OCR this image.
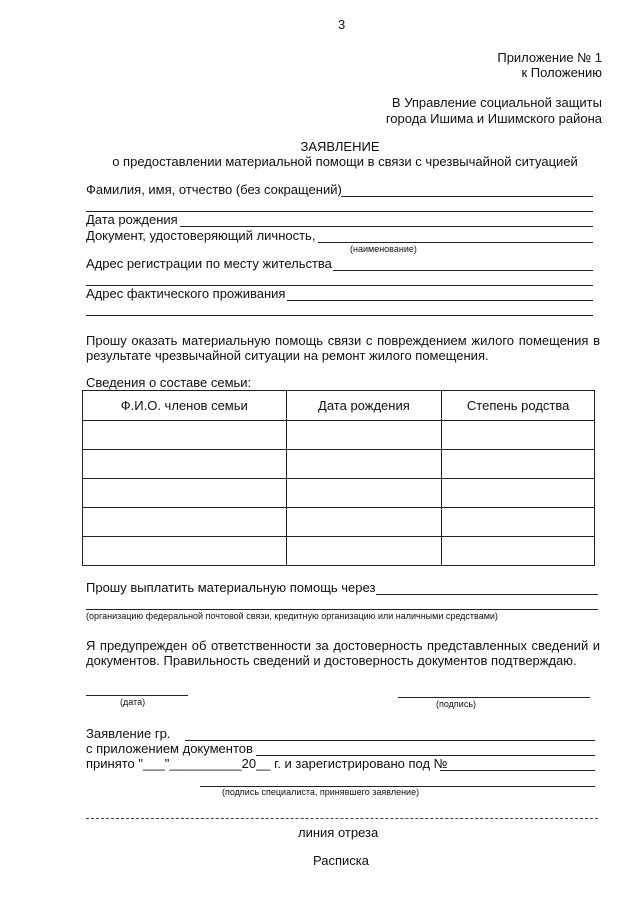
3
Приложение № 1
к Положению
В Управление социальной защиты
города Ишима и Ишимского района
ЗАЯВЛЕНИЕ
о предоставлении материальной помощи в связи с чрезвычайной ситуацией
Фамилия, имя, отчество (без сокращений)
Дата рождения
Документ, удостоверяющий личность,
(наименование)
Адрес регистрации по месту жительства
Адрес фактического проживания
Прошу оказать материальную помощь связи с повреждением жилого помещения в результате чрезвычайной ситуации на ремонт жилого помещения.
Сведения о составе семьи:
Ф.И.О. членов семьи	Дата рождения	Степень родства

Прошу выплатить материальную помощь через
(организацию федеральной почтовой связи, кредитную организацию или наличными средствами)
Я предупрежден об ответственности за достоверность представленных сведений и документов. Правильность сведений и достоверность документов подтверждаю.
(дата)	(подпись)
Заявление гр.
с приложением документов
принято "___"__________20__ г. и зарегистрировано под №
(подпись специалиста, принявшего заявление)
линия отреза
Расписка
